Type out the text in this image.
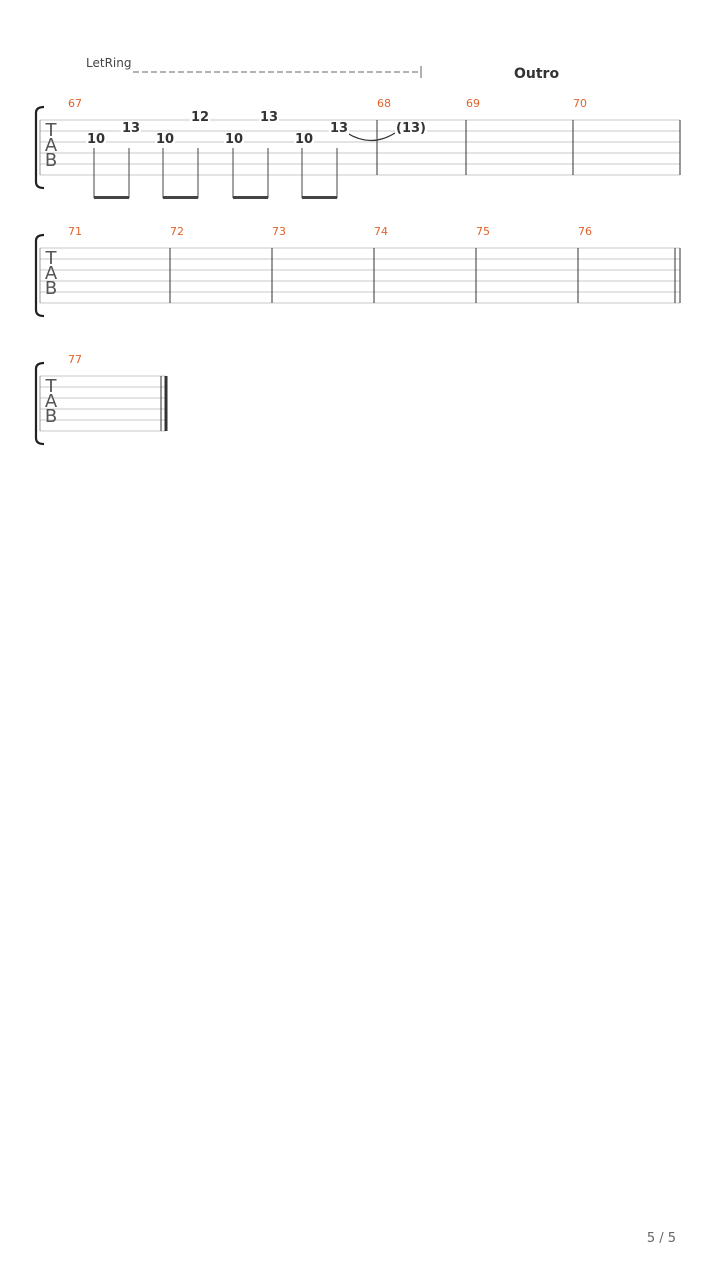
LetRing
Outro
67	68	69	70
T
A
B
10
13
10
12
10
13
10
13	(13)
71	72	73	74	75	76
T
A
B
77
T
A
B
5 / 5
